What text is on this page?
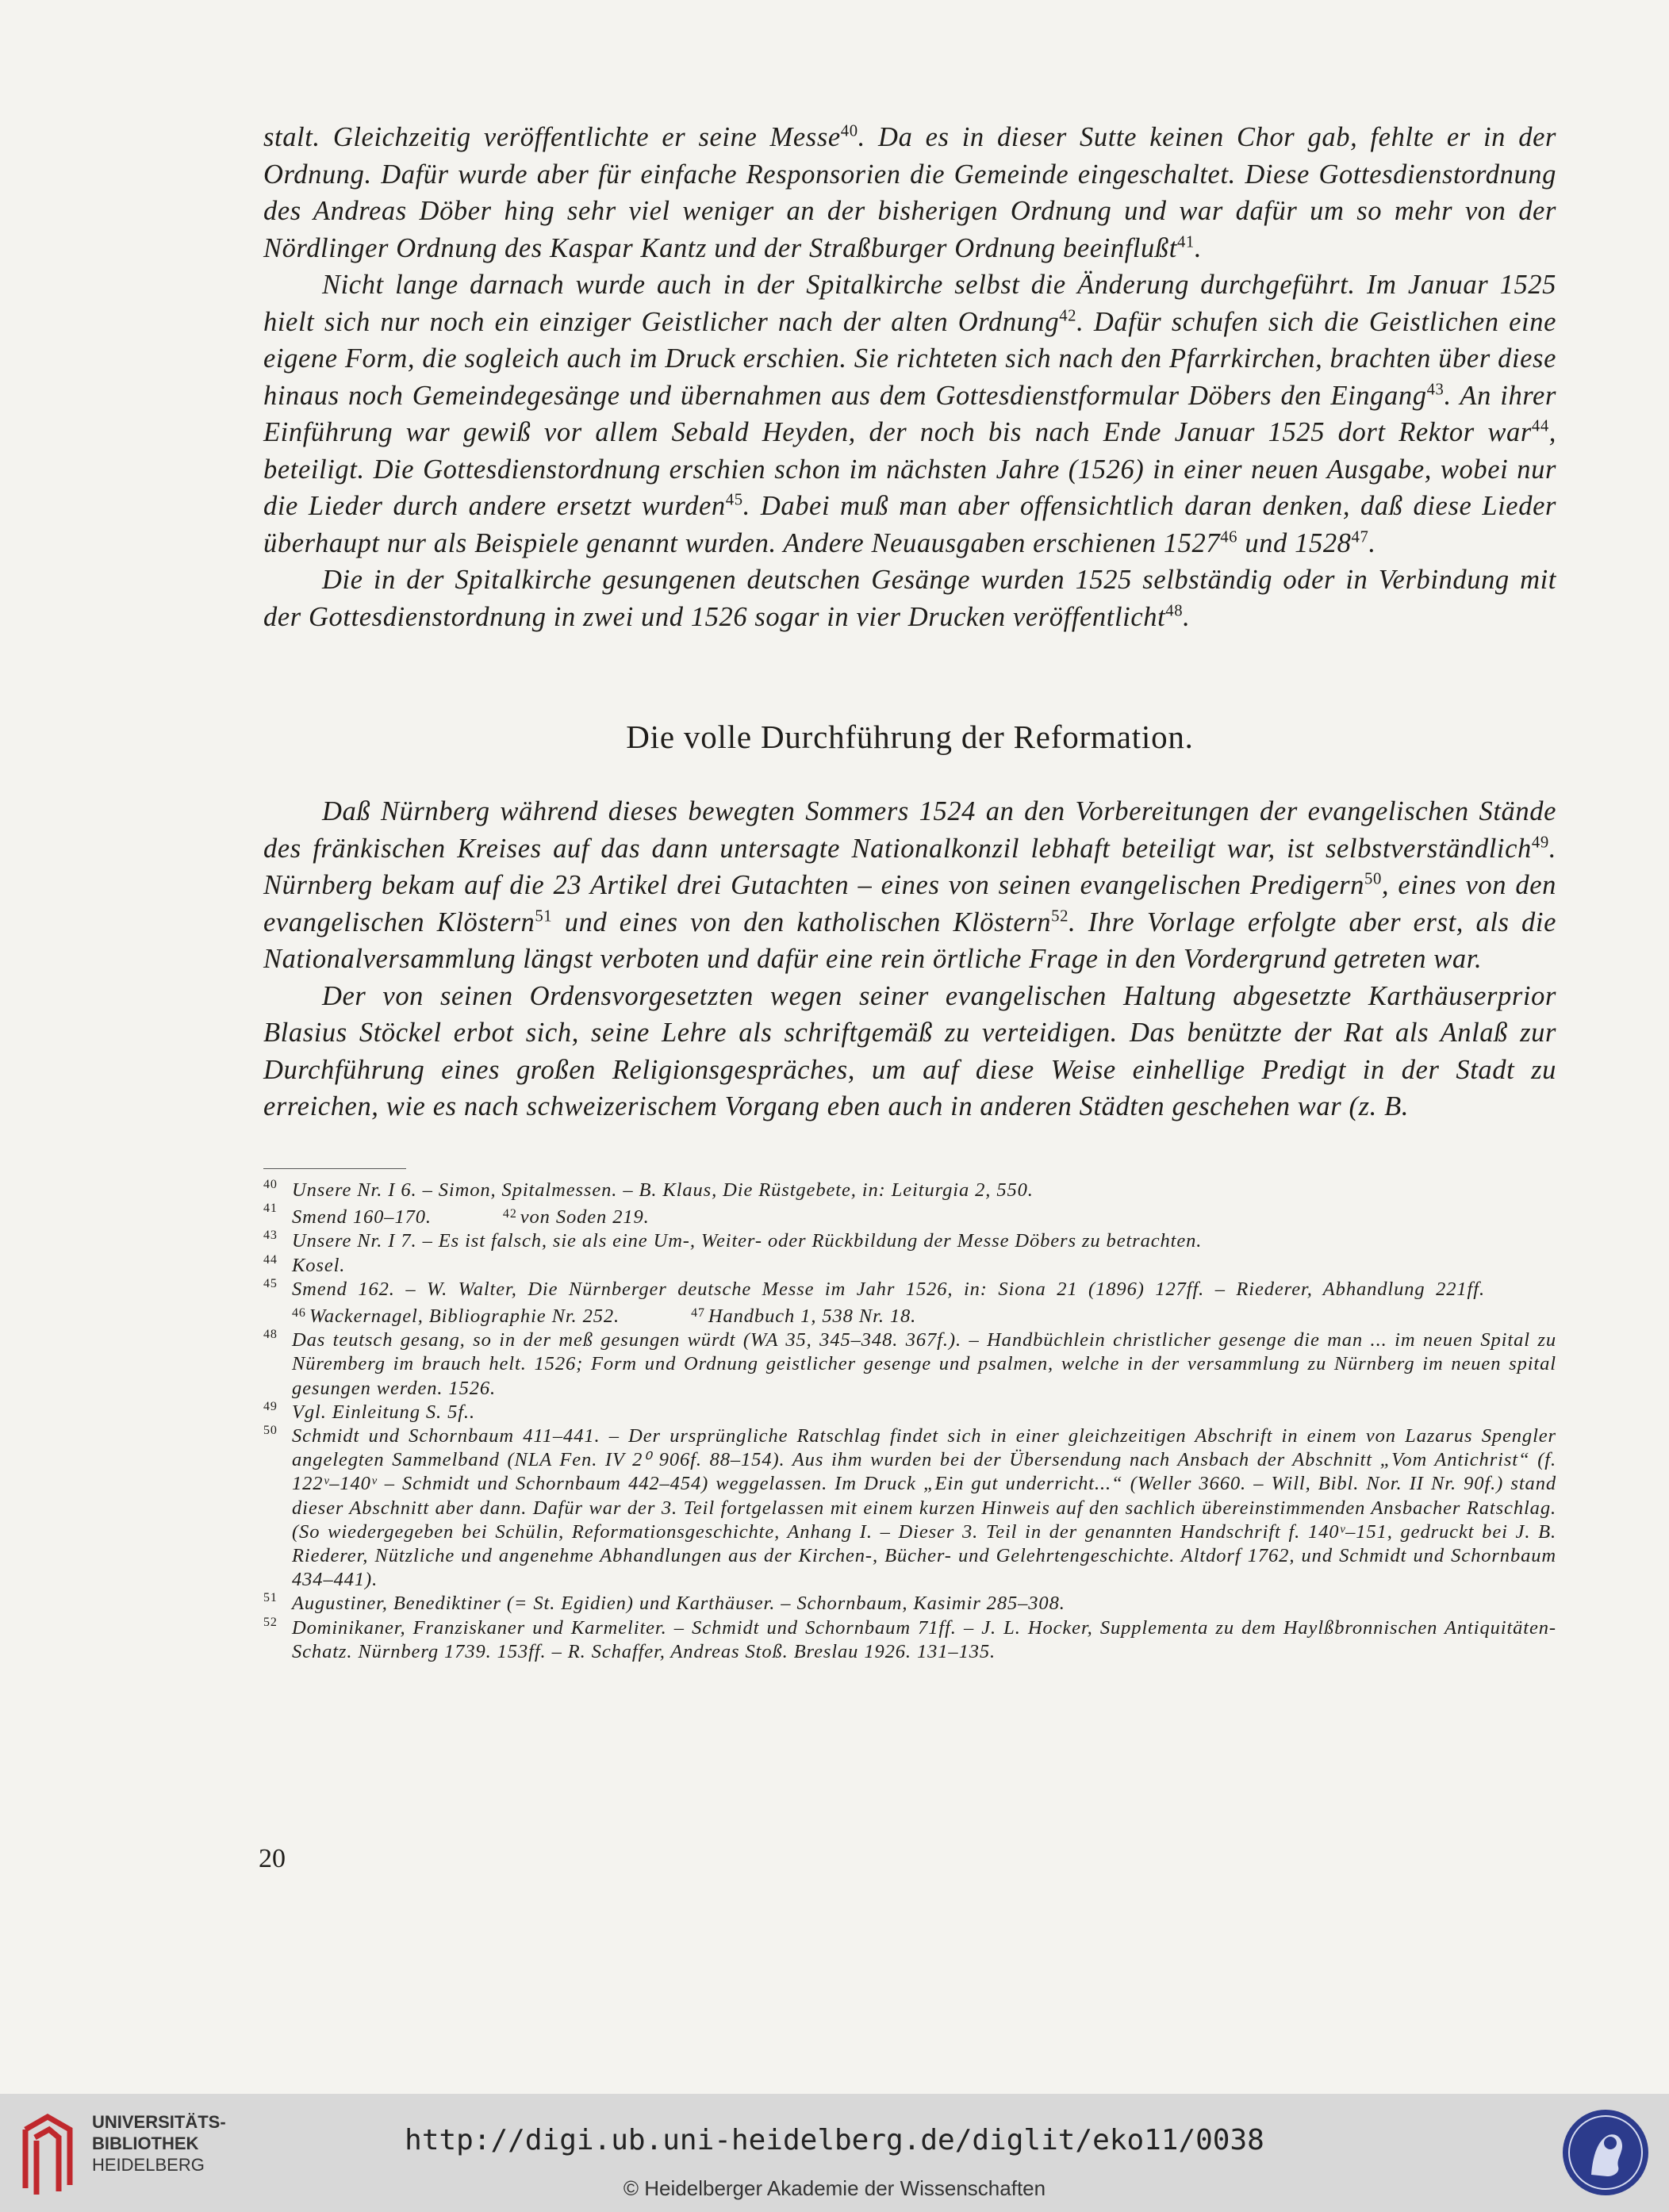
stalt. Gleichzeitig veröffentlichte er seine Messe$^{40}$. Da es in dieser Sutte keinen Chor gab, fehlte er in der Ordnung. Dafür wurde aber für einfache Responsorien die Gemeinde eingeschaltet. Diese Gottesdienstordnung des Andreas Döber hing sehr viel weniger an der bisherigen Ordnung und war dafür um so mehr von der Nördlinger Ordnung des Kaspar Kantz und der Straßburger Ordnung beeinflußt$^{41}$.

Nicht lange darnach wurde auch in der Spitalkirche selbst die Änderung durchgeführt. Im Januar 1525 hielt sich nur noch ein einziger Geistlicher nach der alten Ordnung$^{42}$. Dafür schufen sich die Geistlichen eine eigene Form, die sogleich auch im Druck erschien. Sie richteten sich nach den Pfarrkirchen, brachten über diese hinaus noch Gemeindegesänge und übernahmen aus dem Gottesdienstformular Döbers den Eingang$^{43}$. An ihrer Einführung war gewiß vor allem Sebald Heyden, der noch bis nach Ende Januar 1525 dort Rektor war$^{44}$, beteiligt. Die Gottesdienstordnung erschien schon im nächsten Jahre (1526) in einer neuen Ausgabe, wobei nur die Lieder durch andere ersetzt wurden$^{45}$. Dabei muß man aber offensichtlich daran denken, daß diese Lieder überhaupt nur als Beispiele genannt wurden. Andere Neuausgaben erschienen 1527$^{46}$ und 1528$^{47}$.

Die in der Spitalkirche gesungenen deutschen Gesänge wurden 1525 selbständig oder in Verbindung mit der Gottesdienstordnung in zwei und 1526 sogar in vier Drucken veröffentlicht$^{48}$.

Die volle Durchführung der Reformation.

Daß Nürnberg während dieses bewegten Sommers 1524 an den Vorbereitungen der evangelischen Stände des fränkischen Kreises auf das dann untersagte Nationalkonzil lebhaft beteiligt war, ist selbstverständlich$^{49}$. Nürnberg bekam auf die 23 Artikel drei Gutachten – eines von seinen evangelischen Predigern$^{50}$, eines von den evangelischen Klöstern$^{51}$ und eines von den katholischen Klöstern$^{52}$. Ihre Vorlage erfolgte aber erst, als die Nationalversammlung längst verboten und dafür eine rein örtliche Frage in den Vordergrund getreten war.

Der von seinen Ordensvorgesetzten wegen seiner evangelischen Haltung abgesetzte Karthäuserprior Blasius Stöckel erbot sich, seine Lehre als schriftgemäß zu verteidigen. Das benützte der Rat als Anlaß zur Durchführung eines großen Religionsgespräches, um auf diese Weise einhellige Predigt in der Stadt zu erreichen, wie es nach schweizerischem Vorgang eben auch in anderen Städten geschehen war (z. B.

40 Unsere Nr. I 6. – Simon, Spitalmessen. – B. Klaus, Die Rüstgebete, in: Leiturgia 2, 550.

41 Smend 160–170.	$^{42}$ von Soden 219.

43 Unsere Nr. I 7. – Es ist falsch, sie als eine Um-, Weiter- oder Rückbildung der Messe Döbers zu betrachten.

44 Kosel.

45 Smend 162. – W. Walter, Die Nürnberger deutsche Messe im Jahr 1526, in: Siona 21 (1896) 127ff. – Riederer, Abhandlung 221ff.$^{46}$ Wackernagel, Bibliographie Nr. 252.	$^{47}$ Handbuch 1, 538 Nr. 18.

48 Das teutsch gesang, so in der meß gesungen würdt (WA 35, 345–348. 367f.). – Handbüchlein christlicher gesenge die man ... im neuen Spital zu Nüremberg im brauch helt. 1526; Form und Ordnung geistlicher gesenge und psalmen, welche in der versammlung zu Nürnberg im neuen spital gesungen werden. 1526.

49 Vgl. Einleitung S. 5f..

50 Schmidt und Schornbaum 411–441. – Der ursprüngliche Ratschlag findet sich in einer gleichzeitigen Abschrift in einem von Lazarus Spengler angelegten Sammelband (NLA Fen. IV 2⁰ 906f. 88–154). Aus ihm wurden bei der Übersendung nach Ansbach der Abschnitt „Vom Antichrist“ (f. 122ᵛ–140ᵛ – Schmidt und Schornbaum 442–454) weggelassen. Im Druck „Ein gut underricht...“ (Weller 3660. – Will, Bibl. Nor. II Nr. 90f.) stand dieser Abschnitt aber dann. Dafür war der 3. Teil fortgelassen mit einem kurzen Hinweis auf den sachlich übereinstimmenden Ansbacher Ratschlag. (So wiedergegeben bei Schülin, Reformationsgeschichte, Anhang I. – Dieser 3. Teil in der genannten Handschrift f. 140ᵛ–151, gedruckt bei J. B. Riederer, Nützliche und angenehme Abhandlungen aus der Kirchen-, Bücher- und Gelehrtengeschichte. Altdorf 1762, und Schmidt und Schornbaum 434–441).

51 Augustiner, Benediktiner (= St. Egidien) und Karthäuser. – Schornbaum, Kasimir 285–308.

52 Dominikaner, Franziskaner und Karmeliter. – Schmidt und Schornbaum 71ff. – J. L. Hocker, Supplementa zu dem Haylßbronnischen Antiquitäten-Schatz. Nürnberg 1739. 153ff. – R. Schaffer, Andreas Stoß. Breslau 1926. 131–135.

20
UNIVERSITÄTS-
BIBLIOTHEK
HEIDELBERG
http://digi.ub.uni-heidelberg.de/diglit/eko11/0038
© Heidelberger Akademie der Wissenschaften
